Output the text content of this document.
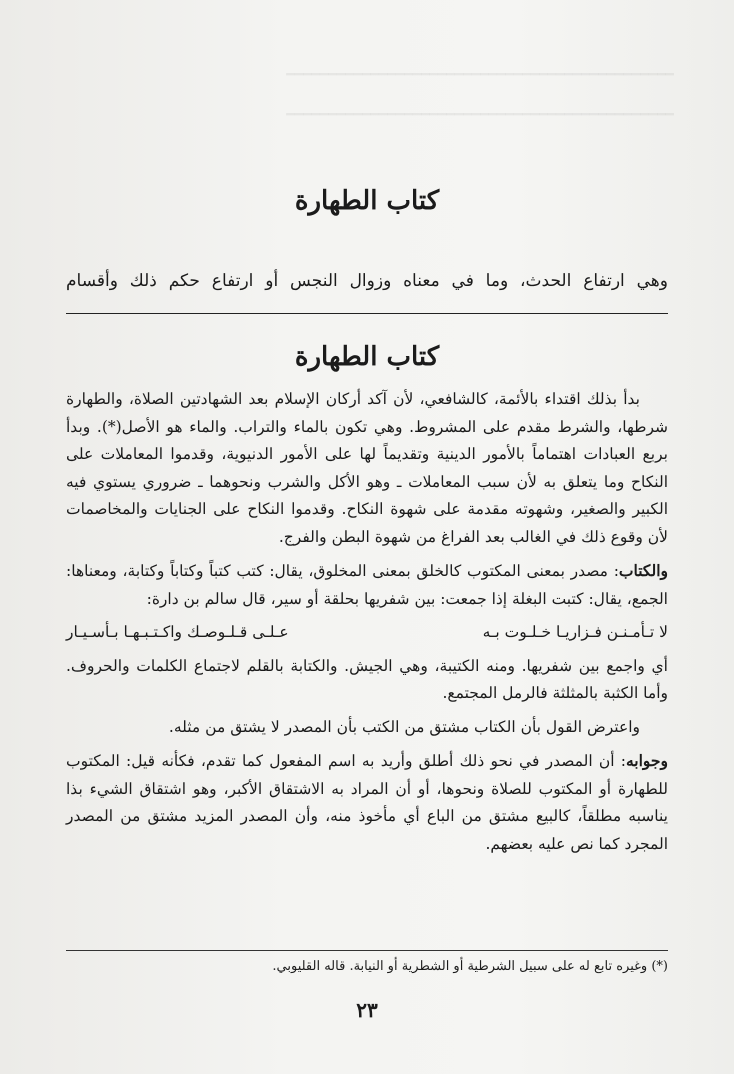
━━━━━━━━━━━━━━━━━━━━━━━━━━━━━━━━━━━━━━━━━━━━━━
━━━━━━━━━━━━━━━━━━━━━━━━━━━━━━━━━━━━━━━━━━━━━━
كتاب الطهارة

وهي ارتفاع الحدث، وما في معناه وزوال النجس أو ارتفاع حكم ذلك وأقسام

كتاب الطهارة

بدأ بذلك اقتداء بالأئمة، كالشافعي، لأن آكد أركان الإسلام بعد الشهادتين الصلاة، والطهارة شرطها، والشرط مقدم على المشروط. وهي تكون بالماء والتراب. والماء هو الأصل(*). وبدأ بربع العبادات اهتماماً بالأمور الدينية وتقديماً لها على الأمور الدنيوية، وقدموا المعاملات على النكاح وما يتعلق به لأن سبب المعاملات ـ وهو الأكل والشرب ونحوهما ـ ضروري يستوي فيه الكبير والصغير، وشهوته مقدمة على شهوة النكاح. وقدموا النكاح على الجنايات والمخاصمات لأن وقوع ذلك في الغالب بعد الفراغ من شهوة البطن والفرج.

والكتاب: مصدر بمعنى المكتوب كالخلق بمعنى المخلوق، يقال: كتب كتباً وكتاباً وكتابة، ومعناها: الجمع، يقال: كتبت البغلة إذا جمعت: بين شفريها بحلقة أو سير، قال سالم بن دارة:

لا تـأمـنـن فـزاريـا خـلـوت بـه
عـلـى قـلـوصـك واكـتـبـهـا بـأسـيـار

أي واجمع بين شفريها. ومنه الكتيبة، وهي الجيش. والكتابة بالقلم لاجتماع الكلمات والحروف. وأما الكثبة بالمثلثة فالرمل المجتمع.

واعترض القول بأن الكتاب مشتق من الكتب بأن المصدر لا يشتق من مثله.

وجوابه: أن المصدر في نحو ذلك أطلق وأريد به اسم المفعول كما تقدم، فكأنه قيل: المكتوب للطهارة أو المكتوب للصلاة ونحوها، أو أن المراد به الاشتقاق الأكبر، وهو اشتقاق الشيء بذا يناسبه مطلقاً، كالبيع مشتق من الباع أي مأخوذ منه، وأن المصدر المزيد مشتق من المصدر المجرد كما نص عليه بعضهم.

(*) وغيره تابع له على سبيل الشرطية أو الشطرية أو النيابة. قاله القليوبي.

٢٣
